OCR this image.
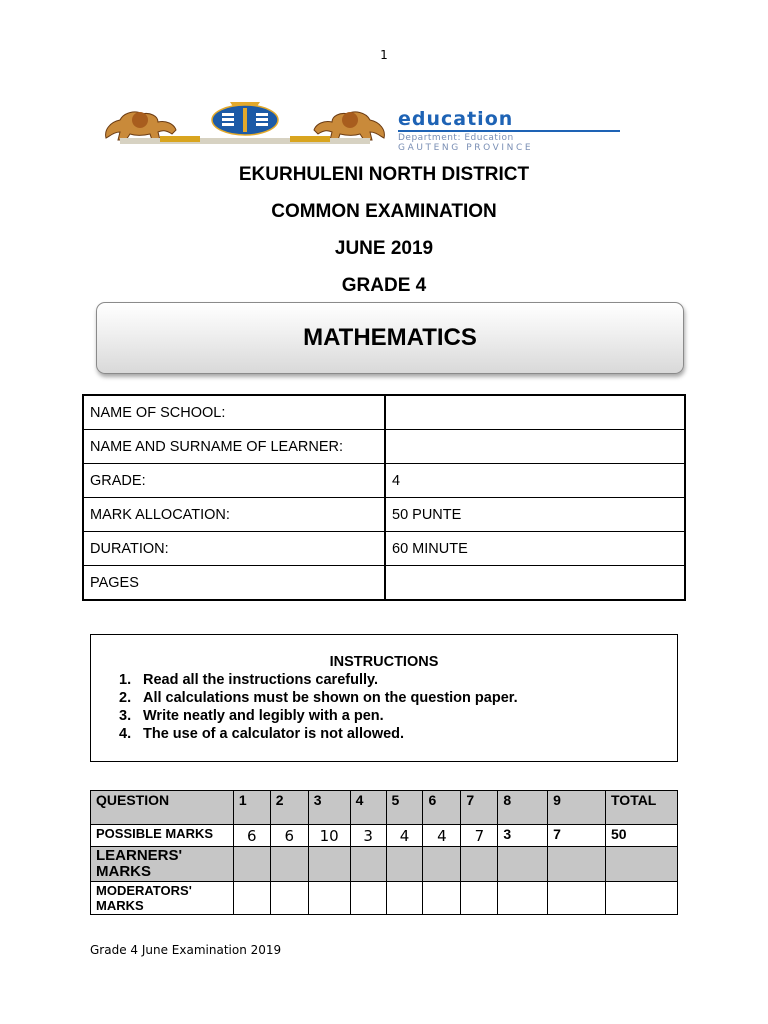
1
education
Department: Education
GAUTENG PROVINCE
EKURHULENI NORTH DISTRICT
COMMON EXAMINATION
JUNE 2019
GRADE 4
MATHEMATICS
NAME OF SCHOOL:	
NAME AND SURNAME OF LEARNER:	
GRADE:	4
MARK ALLOCATION:	50 PUNTE
DURATION:	60 MINUTE
PAGES	
INSTRUCTIONS
1. Read all the instructions carefully.
2. All calculations must be shown on the question paper.
3. Write neatly and legibly with a pen.
4. The use of a calculator is not allowed.
QUESTION	1	2	3	4	5	6	7	8	9	TOTAL
POSSIBLE MARKS	6	6	10	3	4	4	7	3	7	50
LEARNERS' MARKS										
MODERATORS' MARKS										
Grade 4 June Examination 2019
